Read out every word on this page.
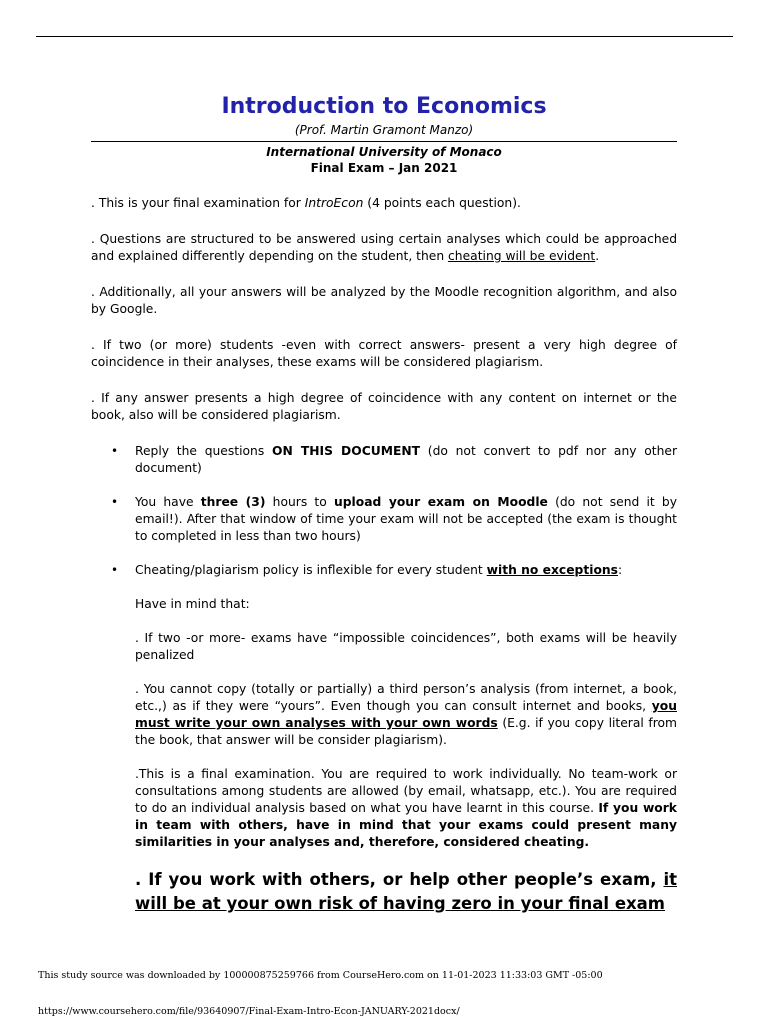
Introduction to Economics
(Prof. Martin Gramont Manzo)
International University of Monaco
Final Exam – Jan 2021

. This is your final examination for IntroEcon (4 points each question).

. Questions are structured to be answered using certain analyses which could be approached and explained differently depending on the student, then cheating will be evident.

. Additionally, all your answers will be analyzed by the Moodle recognition algorithm, and also by Google.

. If two (or more) students -even with correct answers- present a very high degree of coincidence in their analyses, these exams will be considered plagiarism.

. If any answer presents a high degree of coincidence with any content on internet or the book, also will be considered plagiarism.

• Reply the questions ON THIS DOCUMENT (do not convert to pdf nor any other document)
• You have three (3) hours to upload your exam on Moodle (do not send it by email!). After that window of time your exam will not be accepted (the exam is thought to completed in less than two hours)
• Cheating/plagiarism policy is inflexible for every student with no exceptions:

Have in mind that:

. If two -or more- exams have “impossible coincidences”, both exams will be heavily penalized

. You cannot copy (totally or partially) a third person’s analysis (from internet, a book, etc.,) as if they were “yours”. Even though you can consult internet and books, you must write your own analyses with your own words (E.g. if you copy literal from the book, that answer will be consider plagiarism).

.This is a final examination. You are required to work individually. No team-work or consultations among students are allowed (by email, whatsapp, etc.). You are required to do an individual analysis based on what you have learnt in this course. If you work in team with others, have in mind that your exams could present many similarities in your analyses and, therefore, considered cheating.

. If you work with others, or help other people’s exam, it will be at your own risk of having zero in your final exam

This study source was downloaded by 100000875259766 from CourseHero.com on 11-01-2023 11:33:03 GMT -05:00
https://www.coursehero.com/file/93640907/Final-Exam-Intro-Econ-JANUARY-2021docx/
